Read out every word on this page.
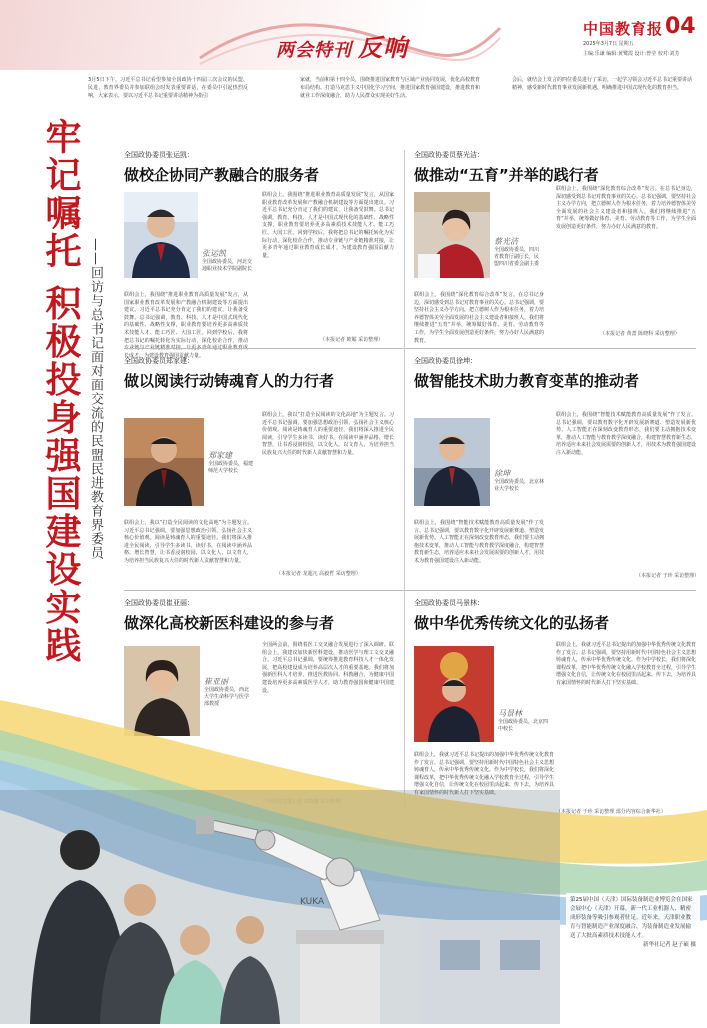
两会特刊 反响
中国教育报 04
2025年3月7日 星期五
主编:乐谦 编辑:黄鹭霞 设计:曾莹 校对:刘芳
3月5日下午，习近平总书记看望参加全国政协十四届三次会议的民盟、民进、教育界委员并参加联组会时发表重要讲话，在委员中引起热烈反响，大家表示，要以习近平总书记重要讲话精神为指引
家就，当前和第十四全员，围绕推进国家教育与区域产业协同发展，优化高校教育布局结构、打造马克思主义中国化学习空间，推进国家教育强国建设，推进教育和就业工作深度融合，助力人民群众实现美好生活。
会后，就结会上发言的四位委员进行了采访，一起学习领会习近平总书记重要讲话精神，感受新时代教育事业发展新机遇，明确推进中国式现代化的教育担当。
牢记嘱托 积极投身强国建设实践 ——回访与总书记面对面交流的民盟民进教育界委员
全国政协委员张运凯：
做校企协同产教融合的服务者
张运凯
全国政协委员，河北交通职业技术学院副院长
联组会上，我围绕“推进职业教育高质量发展”发言，从国家职业教育改革发展和产教融合机制建设等方面提出建议。习近平总书记充分肯定了我们的建议，让我备受鼓舞。总书记强调，教育、科技、人才是中国式现代化的基础性、战略性支撑，职业教育要培养更多高素质技术技能人才、能工巧匠、大国工匠。回到学校后，我将把总书记的嘱托转化为实际行动，深化校企合作，推动 长成才，为建设教育强国贡献力量。
联组会上，我围绕“推进职业教育高质量发展”发言，从国家职业教育改革发展和产教融合机制建设等方面提出建议。习近平总书记充分肯定了我们的建议，让我备受鼓舞。总书记强调，教育、科技、人才是中国式现代化的基础性、战略性支撑，职业教育要培养更多高素质技术技能人才、能工巧匠、大国工匠。回到学校后，我将把总书记的嘱托转化为实际行动，深化校企合作，推动专业链与产业链精准对接，让更多青年通过职业教育成长成才，为建设教育强国贡献力量。
（本报记者 欧媚 采访整理）
全国政协委员蔡光洁：
做推动“五育”并举的践行者
蔡光洁
全国政协委员，四川省教育厅副厅长，民盟四川省委会副主委
联组会上，我围绕“深化教育综合改革”发言。在总书记身边，深切感受到总书记对教育事业的关心。总书记强调，要坚持社会主义办学方向，把立德树人作为根本任务，着力培养德智体美劳全面发展的社会主义建设者和接班人。我们将继续推进“五育”并举，统筹做好体育、美育、劳动教育等工作，为学生全面发展创造更好条件，努力办好人民满意的教育。
联组会上，我围绕“深化教育综合改革”发言。在总书记身边，深切感受到总书记对教育事业的关心。总书记强调，要坚持社会主义办学方向，把立德树人作为根本任务，着力培养德智体美劳全面发展的社会主义建设者和接班人。我们将继续推进“五育”并举，统筹做好体育、美育、劳动教育等工作，为学生全面发展创造更好条件，努力办好人民满意的教育。
（本报记者 黄蔷 陈晓科 采访整理）
全国政协委员郑家建：
做以阅读行动铸魂育人的力行者
郑家建
全国政协委员，福建师范大学校长
联组会上，我以“打造全民阅读的文化高地”为主题发言。习近平总书记强调，要加强思想政治引领，弘扬社会主义核心价值观。阅读是铸魂育人的重要途径，我们将深入推进全民阅读，引导学生多读书、读好书，在阅读中涵养品格、增长智慧，让书香浸润校园，以文化人、以文育人，为培养担当民族复兴大任的时代新人贡献智慧和力量。
联组会上，我以“打造全民阅读的文化高地”为主题发言。习近平总书记强调，要加强思想政治引领，弘扬社会主义核心价值观。阅读是铸魂育人的重要途径，我们将深入推进全民阅读，引导学生多读书、读好书，在阅读中涵养品格、增长智慧，让书香浸润校园，以文化人、以文育人，为培养担当民族复兴大任的时代新人贡献智慧和力量。
（本报记者 龙超凡 高毅哲 采访整理）
全国政协委员徐坤：
做智能技术助力教育变革的推动者
徐坤
全国政协委员，北京林业大学校长
联组会上，我围绕“智能技术赋能教育高质量发展”作了发言。总书记强调，要以教育数字化开辟发展新赛道、塑造发展新优势。人工智能正在深刻改变教育形态，我们要主动拥抱技术变革，推动人工智能与教育教学深度融合，构建智慧教育新生态，培养适应未来社会发展需要的创新人才，用技术为教育强国建设注入新动能。
联组会上，我围绕“智能技术赋能教育高质量发展”作了发言。总书记强调，要以教育数字化开辟发展新赛道、塑造发展新优势。人工智能正在深刻改变教育形态，我们要主动拥抱技术变革，推动人工智能与教育教学深度融合，构建智慧教育新生态，培养适应未来社会发展需要的创新人才，用技术为教育强国建设注入新动能。
（本报记者 于珍 采访整理）
全国政协委员崔亚丽：
做深化高校新医科建设的参与者
崔亚丽
全国政协委员，西北大学生命科学与医学部教授
全国两会前，围绕着医工交叉融合发展进行了深入调研。联组会上，我建议加快新医科建设，推动医学与理工文交叉融合。习近平总书记强调，要统筹推进教育科技人才一体化发展，把高校建设成为培养高层次人才的重要基地。我们将加强新医科人才培养，推进医教协同、科教融合，为健康中国建设培养更多高素质医学人才，助力教育强国和健康中国建设。
全国政协委员马景林：
做中华优秀传统文化的弘扬者
马景林
全国政协委员，北京四中校长
联组会上，我就习近平总书记提出的加强中华优秀传统文化教育作了发言。总书记强调，要坚持用新时代中国特色社会主义思想铸魂育人，传承中华优秀传统文化。作为中学校长，我们将深化课程改革，把中华优秀传统文化融入学校教育全过程，引导学生增强文化自信，让传统文化在校园里活起来、传下去，为培养具有家国情怀的时代新人打下坚实基础。
联组会上，我就习近平总书记提出的加强中华优秀传统文化教育作了发言。总书记强调，要坚持用新时代中国特色社会主义思想铸魂育人，传承中华优秀传统文化。作为中学校长，我们将深化课程改革，把中华优秀传统文化融入学校教育全过程，引导学生增强文化自信，让传统文化在校园里活起来、传下去，为培养具有家国情怀的时代新人打下坚实基础。
（本报记者 于珍 采访整理 部分内容综合新华社）
KUKA	第25届中国（天津）国际装备制造业博览会在国家会展中心（天津）开幕，新一代工业机器人、精密成形装备等吸引参观者驻足。近年来，天津职业教育与智能制造产业深度融合，为装备制造业发展输送了大批高素质技术技能人才。
新华社记者 赵子硕 摄
